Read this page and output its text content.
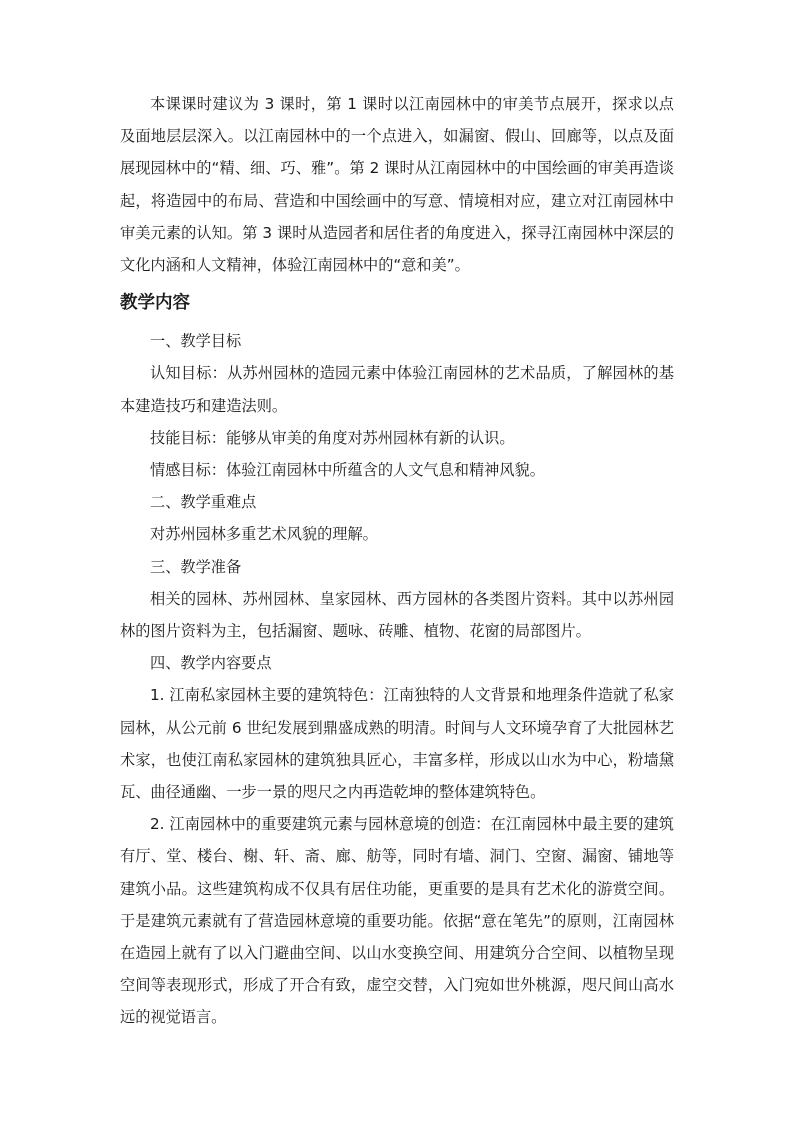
本课课时建议为 3 课时，第 1 课时以江南园林中的审美节点展开，探求以点及面地层层深入。以江南园林中的一个点进入，如漏窗、假山、回廊等，以点及面展现园林中的“精、细、巧、雅”。第 2 课时从江南园林中的中国绘画的审美再造谈起，将造园中的布局、营造和中国绘画中的写意、情境相对应，建立对江南园林中审美元素的认知。第 3 课时从造园者和居住者的角度进入，探寻江南园林中深层的文化内涵和人文精神，体验江南园林中的“意和美”。

教学内容

一、教学目标

认知目标：从苏州园林的造园元素中体验江南园林的艺术品质，了解园林的基本建造技巧和建造法则。

技能目标：能够从审美的角度对苏州园林有新的认识。

情感目标：体验江南园林中所蕴含的人文气息和精神风貌。

二、教学重难点

对苏州园林多重艺术风貌的理解。

三、教学准备

相关的园林、苏州园林、皇家园林、西方园林的各类图片资料。其中以苏州园林的图片资料为主，包括漏窗、题咏、砖雕、植物、花窗的局部图片。

四、教学内容要点

1. 江南私家园林主要的建筑特色：江南独特的人文背景和地理条件造就了私家园林，从公元前 6 世纪发展到鼎盛成熟的明清。时间与人文环境孕育了大批园林艺术家，也使江南私家园林的建筑独具匠心，丰富多样，形成以山水为中心，粉墙黛瓦、曲径通幽、一步一景的咫尺之内再造乾坤的整体建筑特色。

2. 江南园林中的重要建筑元素与园林意境的创造：在江南园林中最主要的建筑有厅、堂、楼台、榭、轩、斋、廊、舫等，同时有墙、洞门、空窗、漏窗、铺地等建筑小品。这些建筑构成不仅具有居住功能，更重要的是具有艺术化的游赏空间。于是建筑元素就有了营造园林意境的重要功能。依据“意在笔先”的原则，江南园林在造园上就有了以入门避曲空间、以山水变换空间、用建筑分合空间、以植物呈现空间等表现形式，形成了开合有致，虚空交替，入门宛如世外桃源，咫尺间山高水远的视觉语言。
